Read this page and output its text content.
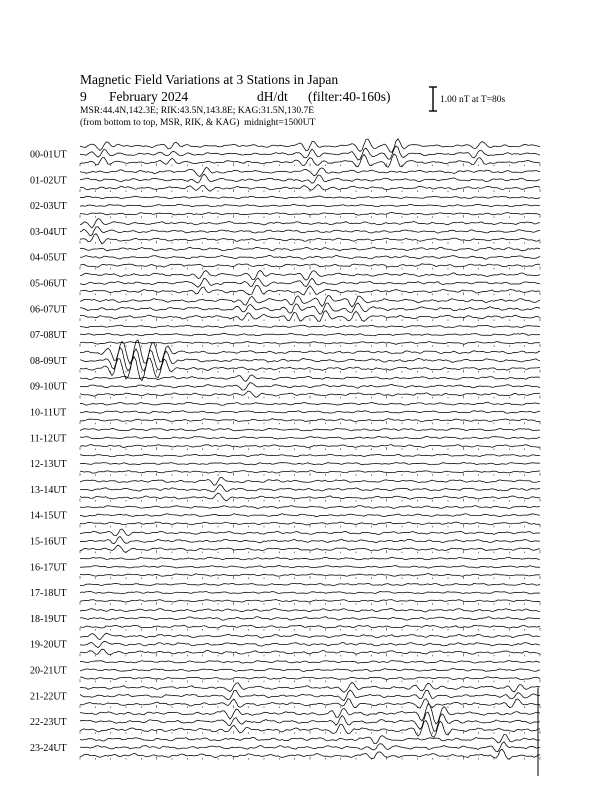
Magnetic Field Variations at 3 Stations in Japan
9 February 2024	dH/dt (filter:40-160s)
MSR:44.4N,142.3E; RIK:43.5N,143.8E; KAG:31.5N,130.7E
(from bottom to top, MSR, RIK, & KAG) midnight=1500UT
1.00 nT at T=80s
00-01UT
01-02UT
02-03UT
03-04UT
04-05UT
05-06UT
06-07UT
07-08UT
08-09UT
09-10UT
10-11UT
11-12UT
12-13UT
13-14UT
14-15UT
15-16UT
16-17UT
17-18UT
18-19UT
19-20UT
20-21UT
21-22UT
22-23UT
23-24UT
